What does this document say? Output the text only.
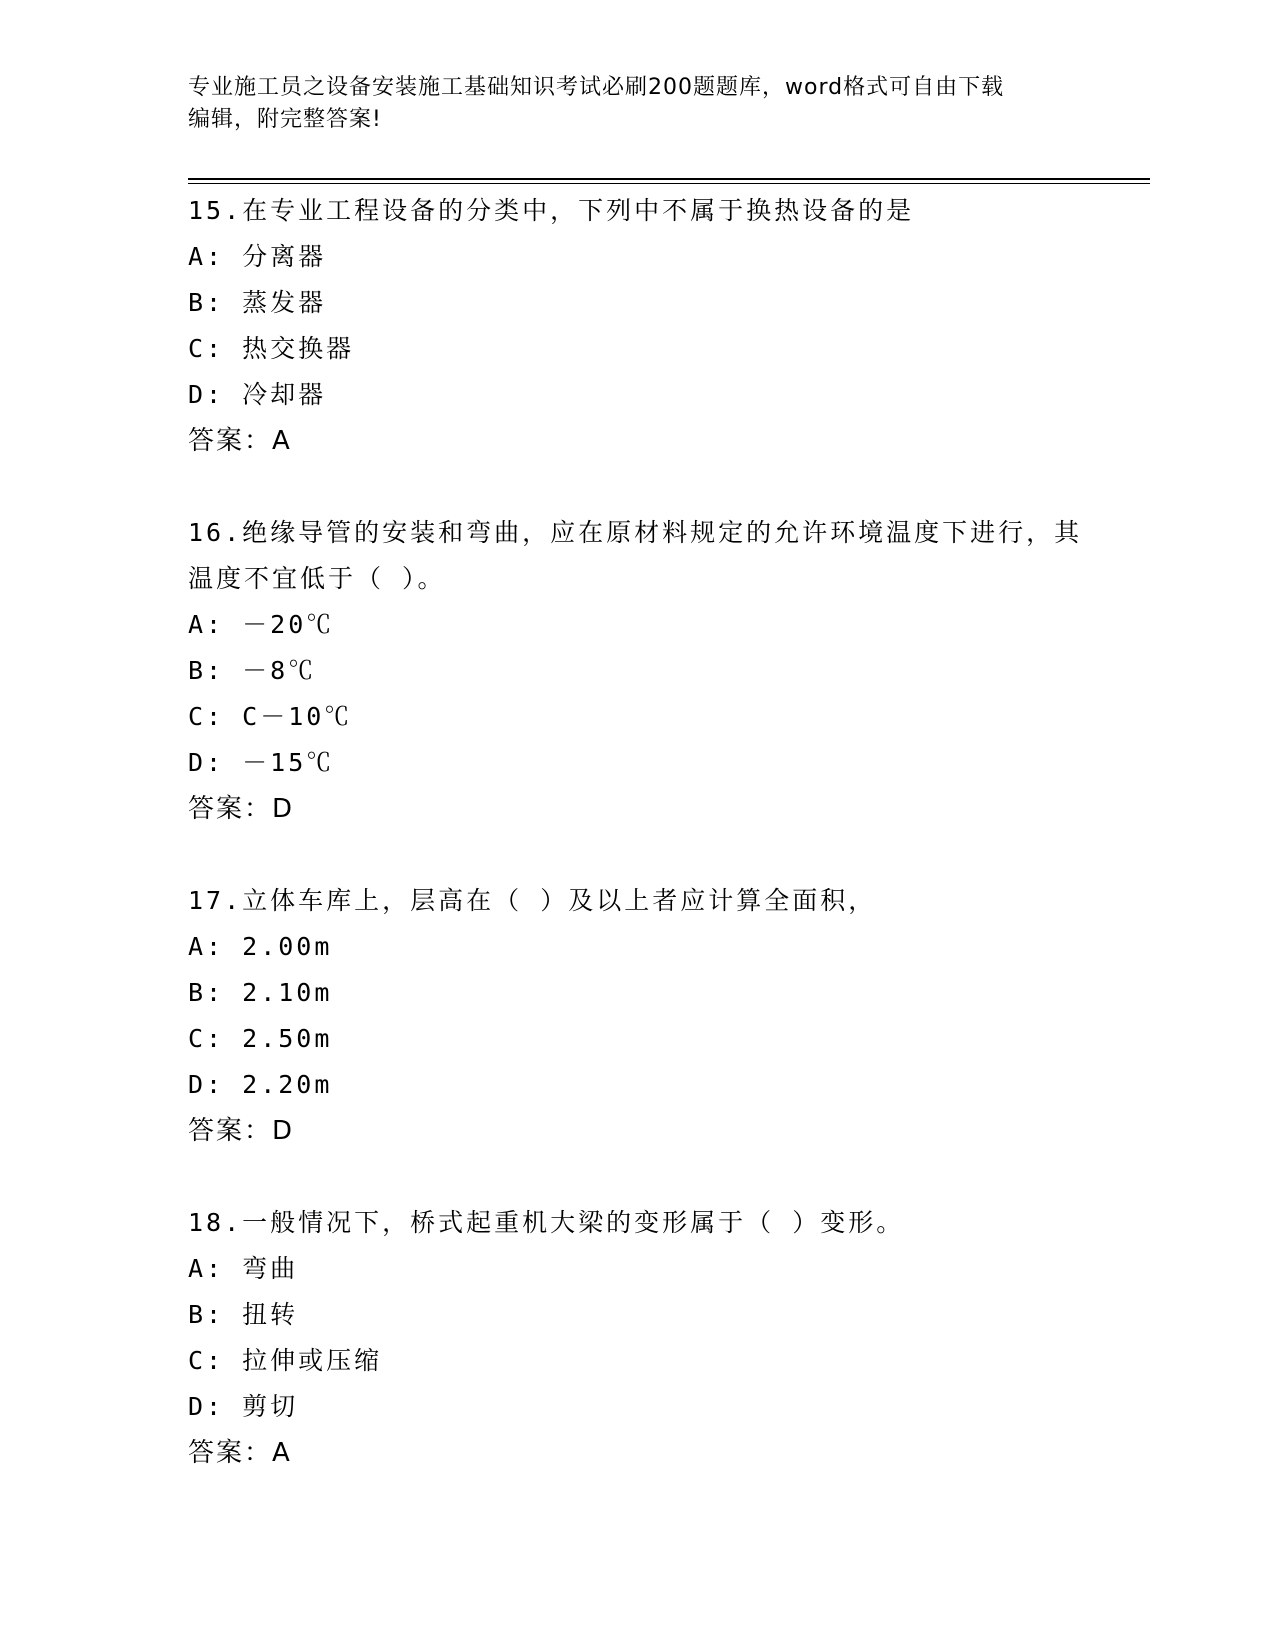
专业施工员之设备安装施工基础知识考试必刷200题题库，word格式可自由下载
编辑，附完整答案!
15.在专业工程设备的分类中，下列中不属于换热设备的是
A: 分离器
B: 蒸发器
C: 热交换器
D: 冷却器
答案：A
16.绝缘导管的安装和弯曲，应在原材料规定的允许环境温度下进行，其温度不宜低于（ ）。
A: －20℃
B: －8℃
C: C－10℃
D: －15℃
答案：D
17.立体车库上，层高在（ ）及以上者应计算全面积，
A: 2.00m
B: 2.10m
C: 2.50m
D: 2.20m
答案：D
18.一般情况下，桥式起重机大梁的变形属于（ ）变形。
A: 弯曲
B: 扭转
C: 拉伸或压缩
D: 剪切
答案：A
